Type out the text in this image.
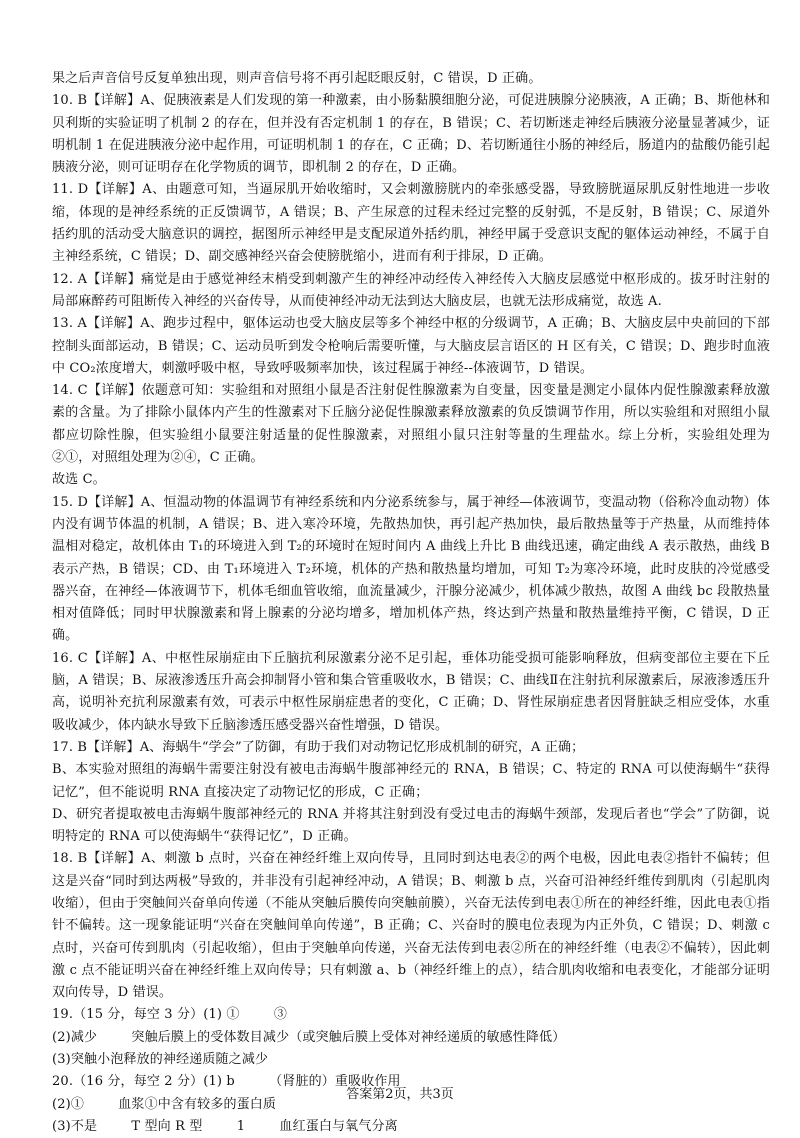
果之后声音信号反复单独出现，则声音信号将不再引起眨眼反射，C 错误，D 正确。

10. B【详解】A、促胰液素是人们发现的第一种激素，由小肠黏膜细胞分泌，可促进胰腺分泌胰液，A 正确；B、斯他林和贝利斯的实验证明了机制 2 的存在，但并没有否定机制 1 的存在，B 错误；C、若切断迷走神经后胰液分泌量显著减少，证明机制 1 在促进胰液分泌中起作用，可证明机制 1 的存在，C 正确；D、若切断通往小肠的神经后，肠道内的盐酸仍能引起胰液分泌，则可证明存在化学物质的调节，即机制 2 的存在，D 正确。

11. D【详解】A、由题意可知，当逼尿肌开始收缩时，又会刺激膀胱内的牵张感受器，导致膀胱逼尿肌反射性地进一步收缩，体现的是神经系统的正反馈调节，A 错误；B、产生尿意的过程未经过完整的反射弧，不是反射，B 错误；C、尿道外括约肌的活动受大脑意识的调控，据图所示神经甲是支配尿道外括约肌，神经甲属于受意识支配的躯体运动神经，不属于自主神经系统，C 错误；D、副交感神经兴奋会使膀胱缩小，进而有利于排尿，D 正确。

12. A【详解】痛觉是由于感觉神经末梢受到刺激产生的神经冲动经传入神经传入大脑皮层感觉中枢形成的。拔牙时注射的局部麻醉药可阻断传入神经的兴奋传导，从而使神经冲动无法到达大脑皮层，也就无法形成痛觉，故选 A.

13. A【详解】A、跑步过程中，躯体运动也受大脑皮层等多个神经中枢的分级调节，A 正确；B、大脑皮层中央前回的下部控制头面部运动，B 错误；C、运动员听到发令枪响后需要听懂，与大脑皮层言语区的 H 区有关，C 错误；D、跑步时血液中 CO₂浓度增大，刺激呼吸中枢，导致呼吸频率加快，该过程属于神经--体液调节，D 错误。

14. C【详解】依题意可知：实验组和对照组小鼠是否注射促性腺激素为自变量，因变量是测定小鼠体内促性腺激素释放激素的含量。为了排除小鼠体内产生的性激素对下丘脑分泌促性腺激素释放激素的负反馈调节作用，所以实验组和对照组小鼠都应切除性腺，但实验组小鼠要注射适量的促性腺激素，对照组小鼠只注射等量的生理盐水。综上分析，实验组处理为②①，对照组处理为②④，C 正确。

故选 C。

15. D【详解】A、恒温动物的体温调节有神经系统和内分泌系统参与，属于神经—体液调节，变温动物（俗称冷血动物）体内没有调节体温的机制，A 错误；B、进入寒冷环境，先散热加快，再引起产热加快，最后散热量等于产热量，从而维持体温相对稳定，故机体由 T₁的环境进入到 T₂的环境时在短时间内 A 曲线上升比 B 曲线迅速，确定曲线 A 表示散热，曲线 B 表示产热，B 错误；CD、由 T₁环境进入 T₂环境，机体的产热和散热量均增加，可知 T₂为寒冷环境，此时皮肤的冷觉感受器兴奋，在神经—体液调节下，机体毛细血管收缩，血流量减少，汗腺分泌减少，机体减少散热，故图 A 曲线 bc 段散热量相对值降低；同时甲状腺激素和肾上腺素的分泌均增多，增加机体产热，终达到产热量和散热量维持平衡，C 错误，D 正确。

16. C【详解】A、中枢性尿崩症由下丘脑抗利尿激素分泌不足引起，垂体功能受损可能影响释放，但病变部位主要在下丘脑，A 错误；B、尿液渗透压升高会抑制肾小管和集合管重吸收水，B 错误；C、曲线Ⅱ在注射抗利尿激素后，尿液渗透压升高，说明补充抗利尿激素有效，可表示中枢性尿崩症患者的变化，C 正确；D、肾性尿崩症患者因肾脏缺乏相应受体，水重吸收减少，体内缺水导致下丘脑渗透压感受器兴奋性增强，D 错误。

17. B【详解】A、海蜗牛“学会”了防御，有助于我们对动物记忆形成机制的研究，A 正确；

B、本实验对照组的海蜗牛需要注射没有被电击海蜗牛腹部神经元的 RNA，B 错误；C、特定的 RNA 可以使海蜗牛“获得记忆”，但不能说明 RNA 直接决定了动物记忆的形成，C 正确；

D、研究者提取被电击海蜗牛腹部神经元的 RNA 并将其注射到没有受过电击的海蜗牛颈部，发现后者也“学会”了防御，说明特定的 RNA 可以使海蜗牛“获得记忆”，D 正确。

18. B【详解】A、刺激 b 点时，兴奋在神经纤维上双向传导，且同时到达电表②的两个电极，因此电表②指针不偏转；但这是兴奋“同时到达两极”导致的，并非没有引起神经冲动，A 错误；B、刺激 b 点，兴奋可沿神经纤维传到肌肉（引起肌肉收缩），但由于突触间兴奋单向传递（不能从突触后膜传向突触前膜），兴奋无法传到电表①所在的神经纤维，因此电表①指针不偏转。这一现象能证明“兴奋在突触间单向传递”，B 正确；C、兴奋时的膜电位表现为内正外负，C 错误；D、刺激 c 点时，兴奋可传到肌肉（引起收缩），但由于突触单向传递，兴奋无法传到电表②所在的神经纤维（电表②不偏转），因此刺激 c 点不能证明兴奋在神经纤维上双向传导；只有刺激 a、b（神经纤维上的点），结合肌肉收缩和电表变化，才能部分证明双向传导，D 错误。

19.（15 分，每空 3 分）(1) ①        ③

(2)减少        突触后膜上的受体数目减少（或突触后膜上受体对神经递质的敏感性降低）

(3)突触小泡释放的神经递质随之减少

20.（16 分，每空 2 分）(1) b        （肾脏的）重吸收作用

(2)①        血浆①中含有较多的蛋白质

(3)不是        T 型向 R 型        1        血红蛋白与氧气分离

答案第2页，共3页
